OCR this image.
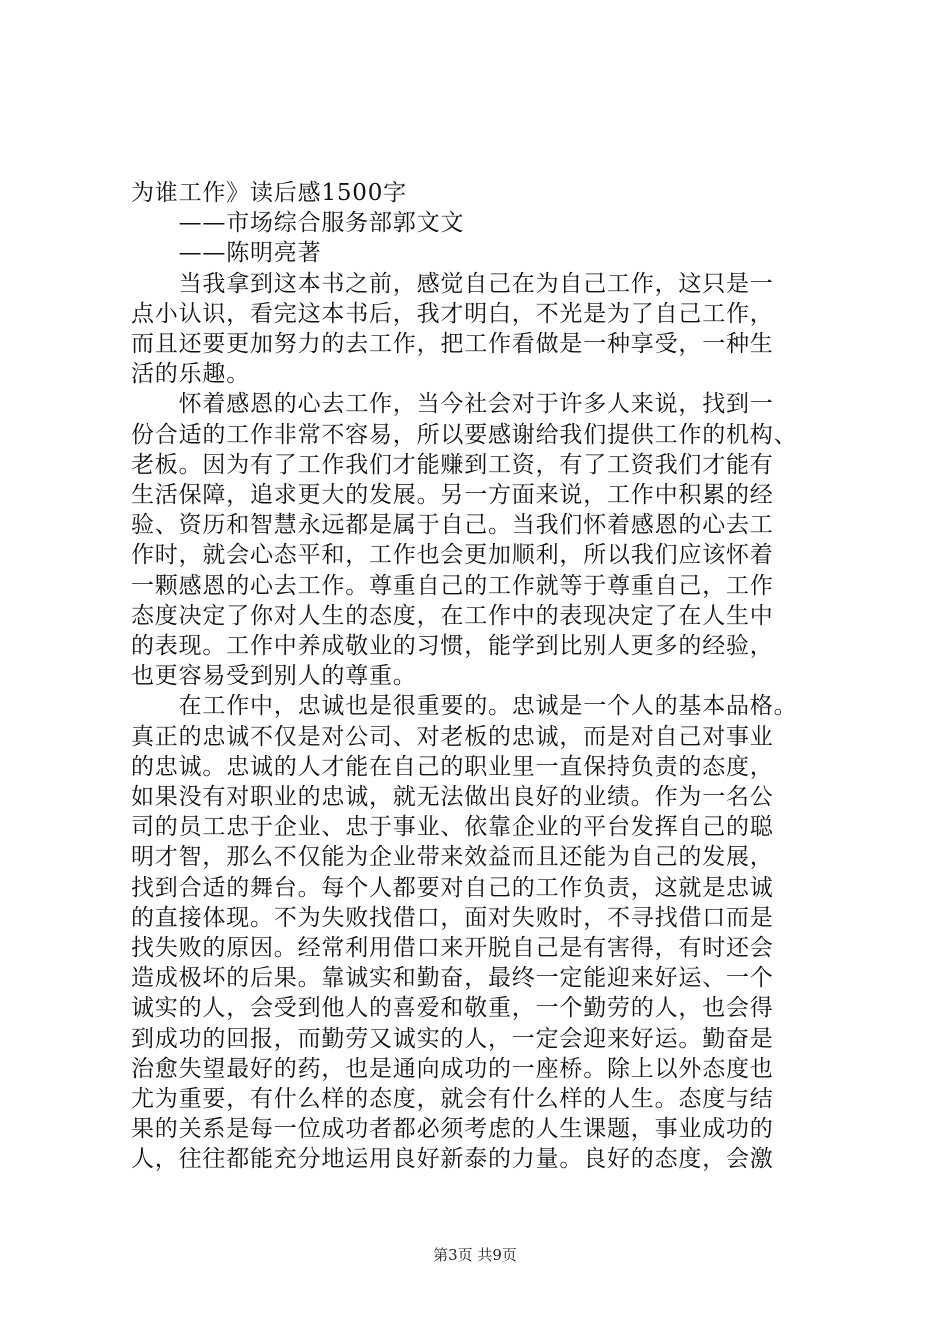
为谁工作》读后感1500字
　　——市场综合服务部郭文文
　　——陈明亮著
　　当我拿到这本书之前，感觉自己在为自己工作，这只是一
点小认识，看完这本书后，我才明白，不光是为了自己工作，
而且还要更加努力的去工作，把工作看做是一种享受，一种生
活的乐趣。
　　怀着感恩的心去工作，当今社会对于许多人来说，找到一
份合适的工作非常不容易，所以要感谢给我们提供工作的机构、
老板。因为有了工作我们才能赚到工资，有了工资我们才能有
生活保障，追求更大的发展。另一方面来说，工作中积累的经
验、资历和智慧永远都是属于自己。当我们怀着感恩的心去工
作时，就会心态平和，工作也会更加顺利，所以我们应该怀着
一颗感恩的心去工作。尊重自己的工作就等于尊重自己，工作
态度决定了你对人生的态度，在工作中的表现决定了在人生中
的表现。工作中养成敬业的习惯，能学到比别人更多的经验，
也更容易受到别人的尊重。
　　在工作中，忠诚也是很重要的。忠诚是一个人的基本品格。
真正的忠诚不仅是对公司、对老板的忠诚，而是对自己对事业
的忠诚。忠诚的人才能在自己的职业里一直保持负责的态度，
如果没有对职业的忠诚，就无法做出良好的业绩。作为一名公
司的员工忠于企业、忠于事业、依靠企业的平台发挥自己的聪
明才智，那么不仅能为企业带来效益而且还能为自己的发展，
找到合适的舞台。每个人都要对自己的工作负责，这就是忠诚
的直接体现。不为失败找借口，面对失败时，不寻找借口而是
找失败的原因。经常利用借口来开脱自己是有害得，有时还会
造成极坏的后果。靠诚实和勤奋，最终一定能迎来好运、一个
诚实的人，会受到他人的喜爱和敬重，一个勤劳的人，也会得
到成功的回报，而勤劳又诚实的人，一定会迎来好运。勤奋是
治愈失望最好的药，也是通向成功的一座桥。除上以外态度也
尤为重要，有什么样的态度，就会有什么样的人生。态度与结
果的关系是每一位成功者都必须考虑的人生课题，事业成功的
人，往往都能充分地运用良好新泰的力量。良好的态度，会激
第3页 共9页
